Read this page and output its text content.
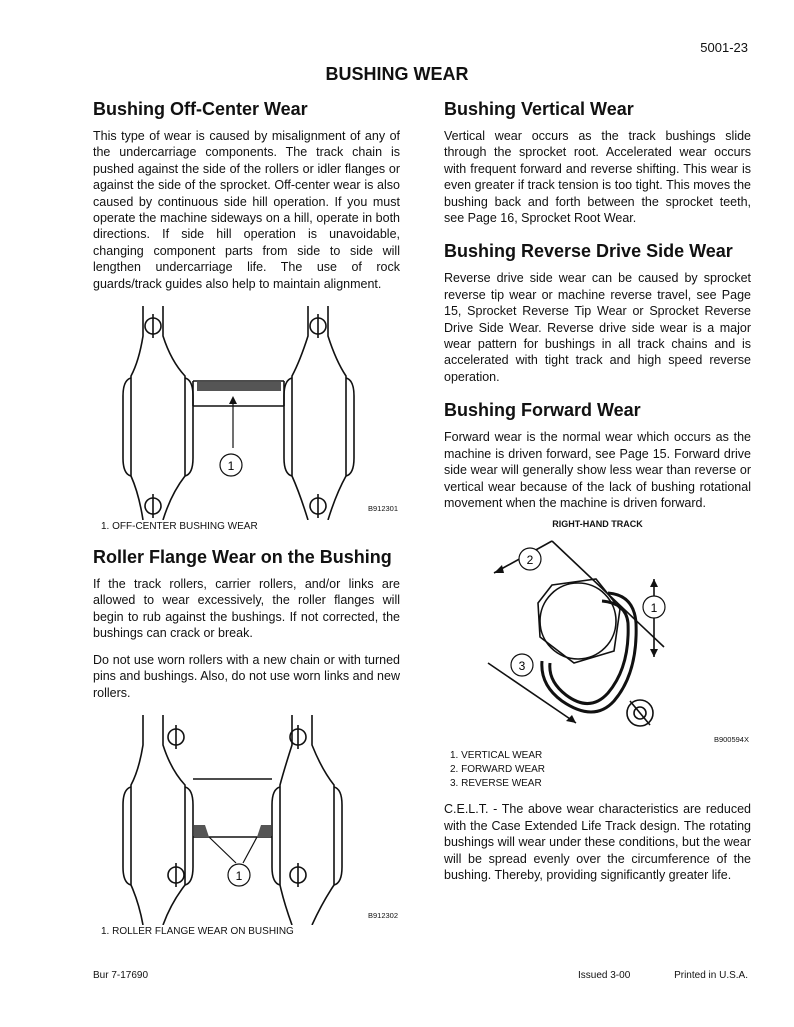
5001-23
BUSHING WEAR
Bushing Off-Center Wear

This type of wear is caused by misalignment of any of the undercarriage components. The track chain is pushed against the side of the rollers or idler flanges or against the side of the sprocket. Off-center wear is also caused by continuous side hill operation. If you must operate the machine sideways on a hill, operate in both directions. If side hill operation is unavoidable, changing component parts from side to side will lengthen undercarriage life. The use of rock guards/track guides also help to maintain alignment.

1
B912301
1. OFF-CENTER BUSHING WEAR
Roller Flange Wear on the Bushing

If the track rollers, carrier rollers, and/or links are allowed to wear excessively, the roller flanges will begin to rub against the bushings. If not corrected, the bushings can crack or break.

Do not use worn rollers with a new chain or with turned pins and bushings. Also, do not use worn links and new rollers.

1
B912302
1. ROLLER FLANGE WEAR ON BUSHING
Bushing Vertical Wear

Vertical wear occurs as the track bushings slide through the sprocket root. Accelerated wear occurs with frequent forward and reverse shifting. This wear is even greater if track tension is too tight. This moves the bushing back and forth between the sprocket teeth, see Page 16, Sprocket Root Wear.

Bushing Reverse Drive Side Wear

Reverse drive side wear can be caused by sprocket reverse tip wear or machine reverse travel, see Page 15, Sprocket Reverse Tip Wear or Sprocket Reverse Drive Side Wear. Reverse drive side wear is a major wear pattern for bushings in all track chains and is accelerated with tight track and high speed reverse operation.

Bushing Forward Wear

Forward wear is the normal wear which occurs as the machine is driven forward, see Page 15. Forward drive side wear will generally show less wear than reverse or vertical wear because of the lack of bushing rotational movement when the machine is driven forward.

RIGHT-HAND TRACK
2
1
3
B900594X
1. VERTICAL WEAR
2. FORWARD WEAR
3. REVERSE WEAR

C.E.L.T. - The above wear characteristics are reduced with the Case Extended Life Track design. The rotating bushings will wear under these conditions, but the wear will be spread evenly over the circumference of the bushing. Thereby, providing significantly greater life.

Bur 7-17690	Issued 3-00	Printed in U.S.A.
